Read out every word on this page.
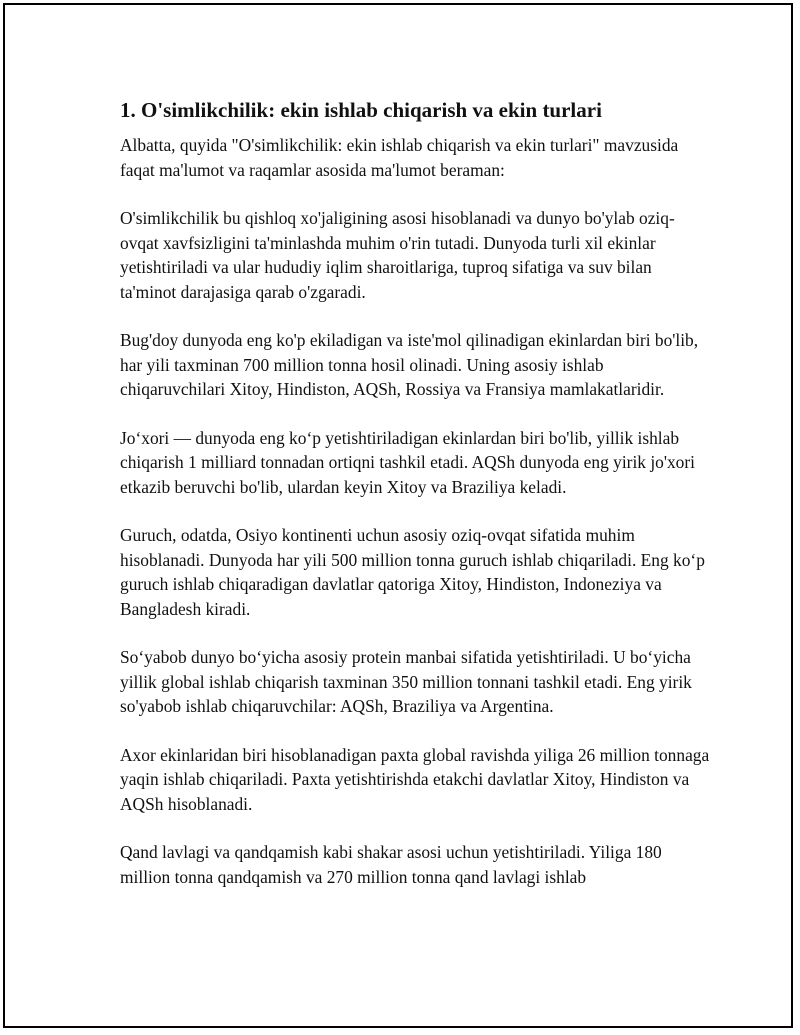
1. O'simlikchilik: ekin ishlab chiqarish va ekin turlari

Albatta, quyida "O'simlikchilik: ekin ishlab chiqarish va ekin turlari" mavzusida faqat ma'lumot va raqamlar asosida ma'lumot beraman:

O'simlikchilik bu qishloq xo'jaligining asosi hisoblanadi va dunyo bo'ylab oziq-ovqat xavfsizligini ta'minlashda muhim o'rin tutadi. Dunyoda turli xil ekinlar yetishtiriladi va ular hududiy iqlim sharoitlariga, tuproq sifatiga va suv bilan ta'minot darajasiga qarab o'zgaradi.

Bug'doy dunyoda eng ko'p ekiladigan va iste'mol qilinadigan ekinlardan biri bo'lib, har yili taxminan 700 million tonna hosil olinadi. Uning asosiy ishlab chiqaruvchilari Xitoy, Hindiston, AQSh, Rossiya va Fransiya mamlakatlaridir.

Jo‘xori — dunyoda eng ko‘p yetishtiriladigan ekinlardan biri bo'lib, yillik ishlab chiqarish 1 milliard tonnadan ortiqni tashkil etadi. AQSh dunyoda eng yirik jo'xori etkazib beruvchi bo'lib, ulardan keyin Xitoy va Braziliya keladi.

Guruch, odatda, Osiyo kontinenti uchun asosiy oziq-ovqat sifatida muhim hisoblanadi. Dunyoda har yili 500 million tonna guruch ishlab chiqariladi. Eng ko‘p guruch ishlab chiqaradigan davlatlar qatoriga Xitoy, Hindiston, Indoneziya va Bangladesh kiradi.

So‘yabob dunyo bo‘yicha asosiy protein manbai sifatida yetishtiriladi. U bo‘yicha yillik global ishlab chiqarish taxminan 350 million tonnani tashkil etadi. Eng yirik so'yabob ishlab chiqaruvchilar: AQSh, Braziliya va Argentina.

Axor ekinlaridan biri hisoblanadigan paxta global ravishda yiliga 26 million tonnaga yaqin ishlab chiqariladi. Paxta yetishtirishda etakchi davlatlar Xitoy, Hindiston va AQSh hisoblanadi.

Qand lavlagi va qandqamish kabi shakar asosi uchun yetishtiriladi. Yiliga 180 million tonna qandqamish va 270 million tonna qand lavlagi ishlab
